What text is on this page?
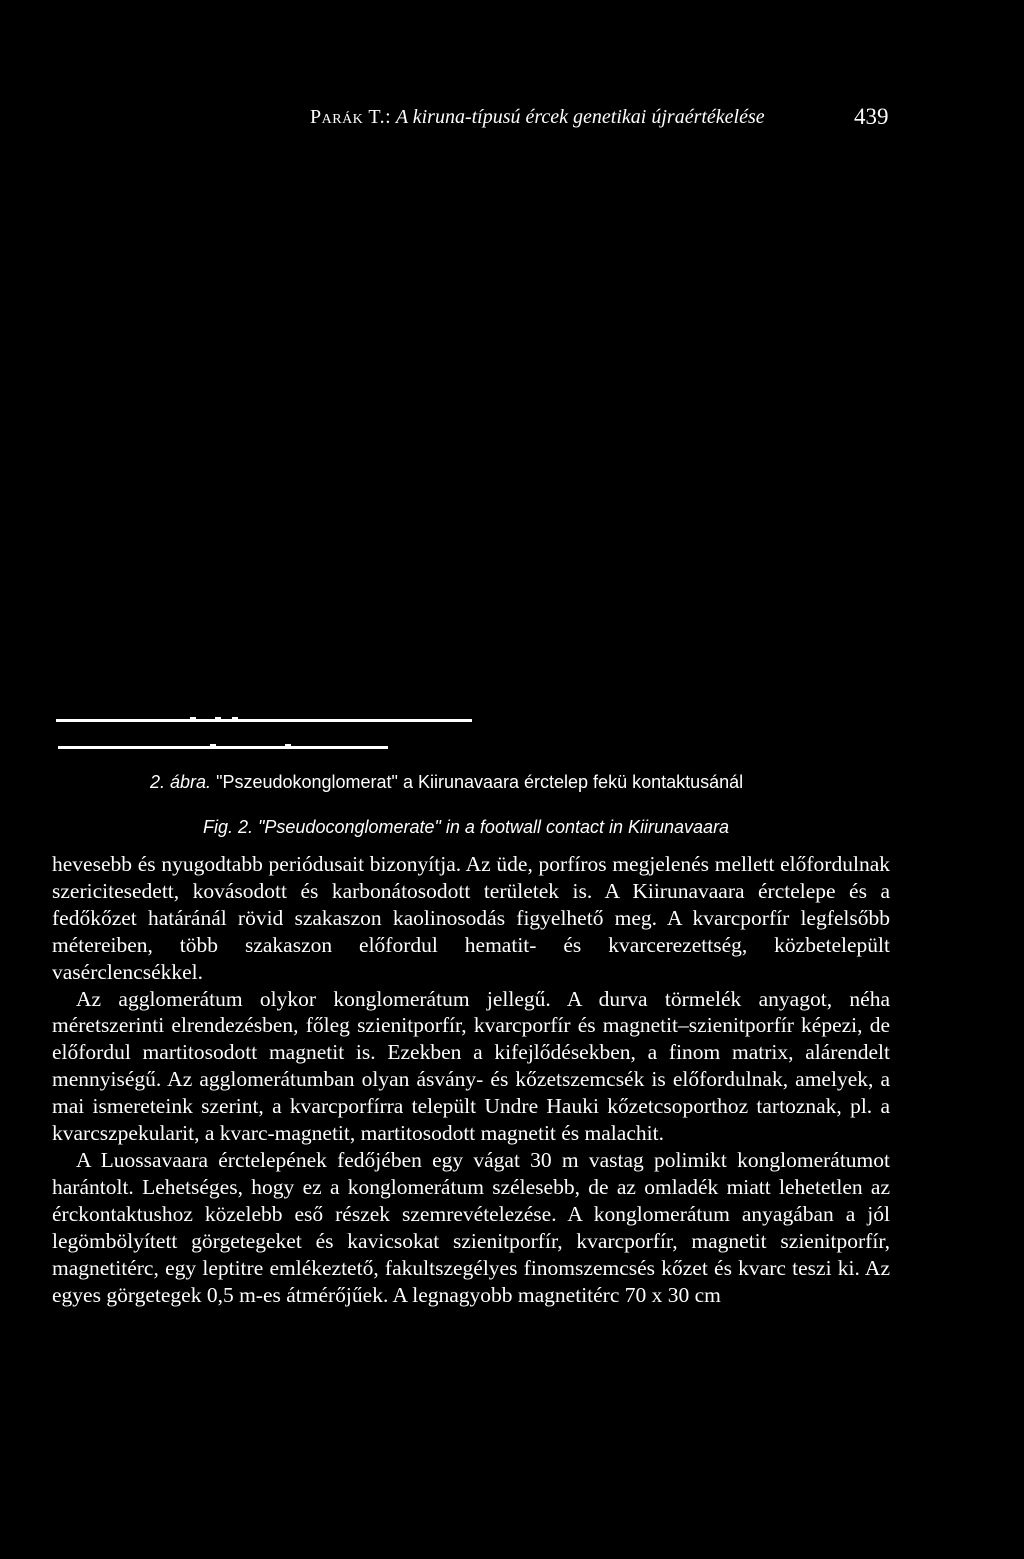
Parák T.: A kiruna-típusú ércek genetikai újraértékelése	439
2. ábra. "Pszeudokonglomerat" a Kiirunavaara érctelep fekü kontaktusánál
Fig. 2. "Pseudoconglomerate" in a footwall contact in Kiirunavaara

hevesebb és nyugodtabb periódusait bizonyítja. Az üde, porfíros megjelenés mellett előfordulnak szericitesedett, kovásodott és karbonátosodott területek is. A Kiirunavaara érctelepe és a fedőkőzet határánál rövid szakaszon kaolinosodás figyelhető meg. A kvarcporfír legfelsőbb métereiben, több szakaszon előfordul hematit- és kvarcerezettség, közbetelepült vasérclencsékkel.

Az agglomerátum olykor konglomerátum jellegű. A durva törmelék anyagot, néha méretszerinti elrendezésben, főleg szienitporfír, kvarcporfír és magnetit–szienitporfír képezi, de előfordul martitosodott magnetit is. Ezekben a kifejlődésekben, a finom matrix, alárendelt mennyiségű. Az agglomerátumban olyan ásvány- és kőzetszemcsék is előfordulnak, amelyek, a mai ismereteink szerint, a kvarcporfírra települt Undre Hauki kőzetcsoporthoz tartoznak, pl. a kvarcszpekularit, a kvarc-magnetit, martitosodott magnetit és malachit.

A Luossavaara érctelepének fedőjében egy vágat 30 m vastag polimikt konglomerátumot harántolt. Lehetséges, hogy ez a konglomerátum szélesebb, de az omladék miatt lehetetlen az érckontaktushoz közelebb eső részek szemrevételezése. A konglomerátum anyagában a jól legömbölyített görgetegeket és kavicsokat szienitporfír, kvarcporfír, magnetit szienitporfír, magnetitérc, egy leptitre emlékeztető, fakultszegélyes finomszemcsés kőzet és kvarc teszi ki. Az egyes görgetegek 0,5 m-es átmérőjűek. A legnagyobb magnetitérc 70 x 30 cm
